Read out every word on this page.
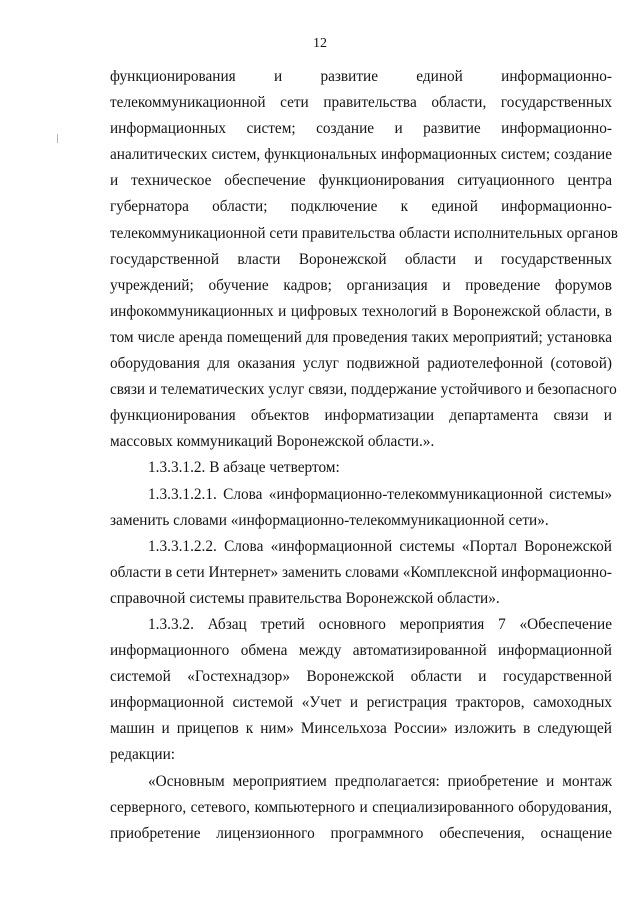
12
функционирования и развитие единой информационно-
телекоммуникационной сети правительства области, государственных
информационных систем; создание и развитие информационно-
аналитических систем, функциональных информационных систем; создание
и техническое обеспечение функционирования ситуационного центра
губернатора области; подключение к единой информационно-
телекоммуникационной сети правительства области исполнительных органов
государственной власти Воронежской области и государственных
учреждений; обучение кадров; организация и проведение форумов
инфокоммуникационных и цифровых технологий в Воронежской области, в
том числе аренда помещений для проведения таких мероприятий; установка
оборудования для оказания услуг подвижной радиотелефонной (сотовой)
связи и телематических услуг связи, поддержание устойчивого и безопасного
функционирования объектов информатизации департамента связи и
массовых коммуникаций Воронежской области.».
1.3.3.1.2. В абзаце четвертом:
1.3.3.1.2.1. Слова «информационно-телекоммуникационной системы»
заменить словами «информационно-телекоммуникационной сети».
1.3.3.1.2.2. Слова «информационной системы «Портал Воронежской
области в сети Интернет» заменить словами «Комплексной информационно-
справочной системы правительства Воронежской области».
1.3.3.2. Абзац третий основного мероприятия 7 «Обеспечение
информационного обмена между автоматизированной информационной
системой «Гостехнадзор» Воронежской области и государственной
информационной системой «Учет и регистрация тракторов, самоходных
машин и прицепов к ним» Минсельхоза России» изложить в следующей
редакции:
«Основным мероприятием предполагается: приобретение и монтаж
серверного, сетевого, компьютерного и специализированного оборудования,
приобретение лицензионного программного обеспечения, оснащение
